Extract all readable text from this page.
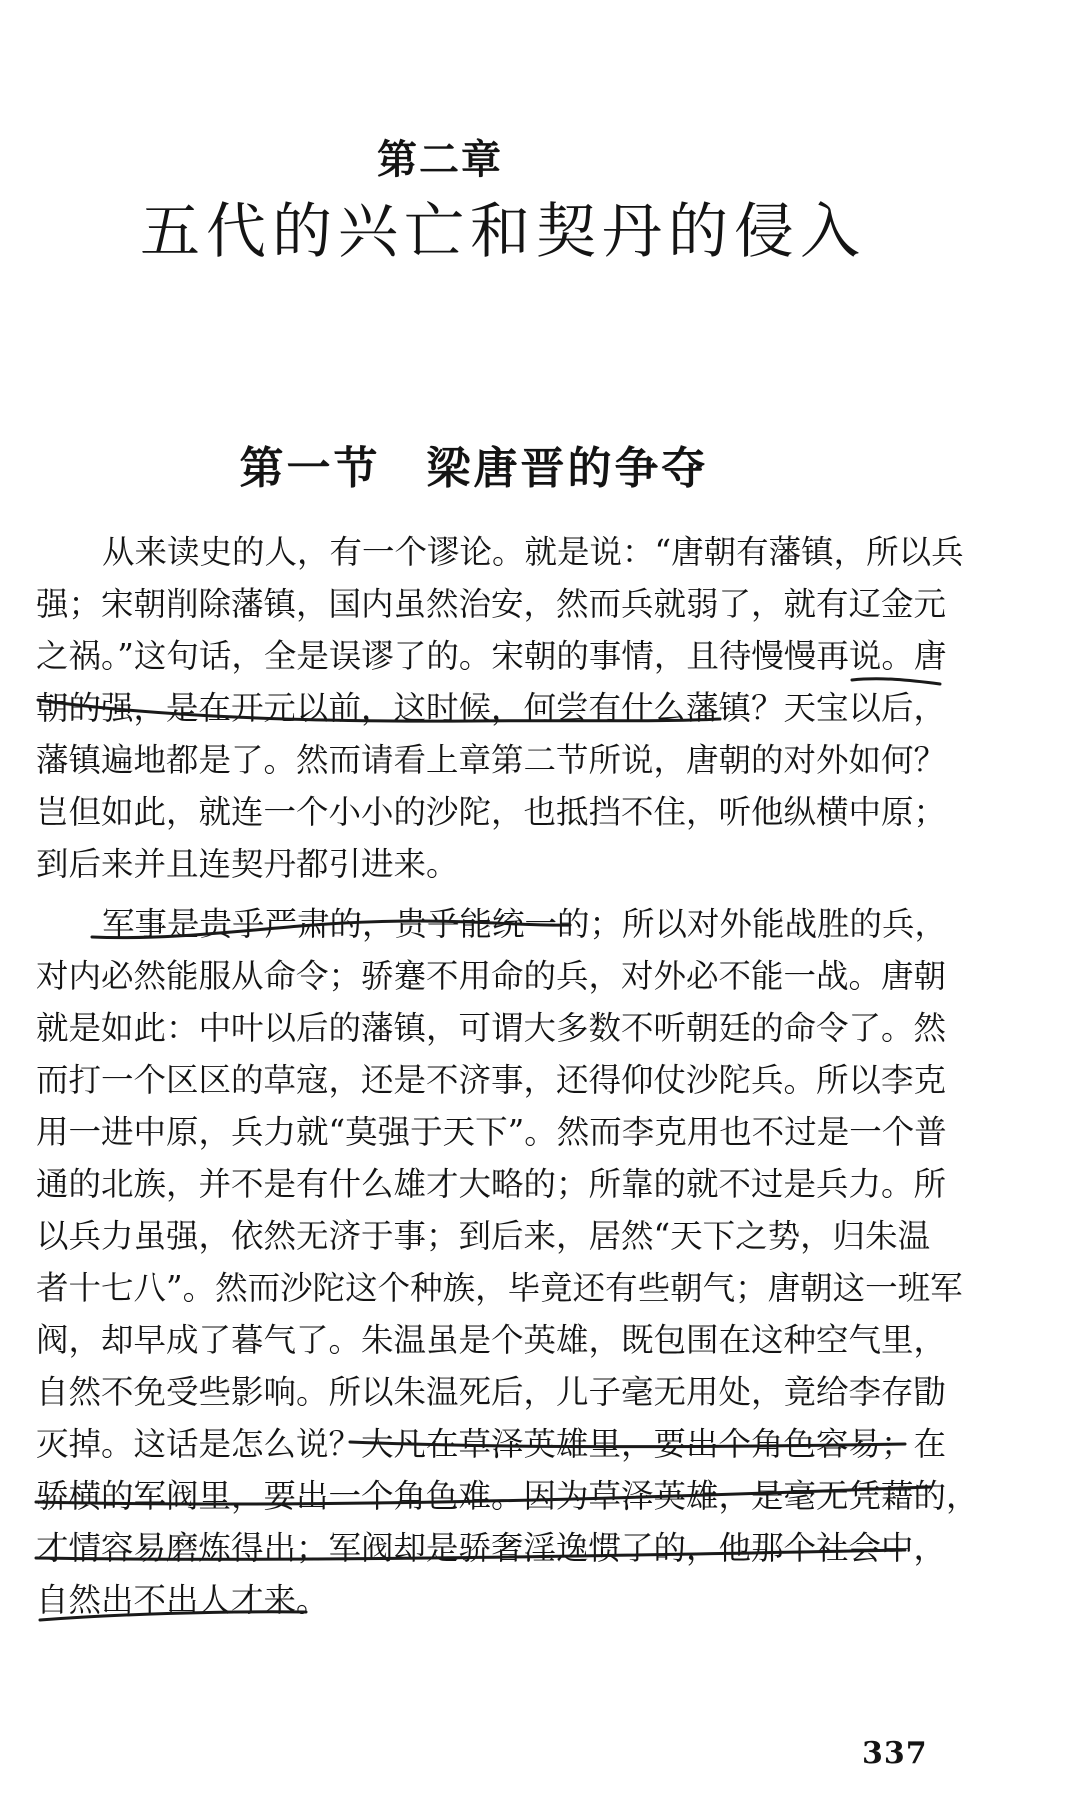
第二章
五代的兴亡和契丹的侵入
第一节 梁唐晋的争夺
从来读史的人，有一个谬论。就是说：“唐朝有藩镇，所以兵
强；宋朝削除藩镇，国内虽然治安，然而兵就弱了，就有辽金元
之祸。”这句话，全是误谬了的。宋朝的事情，且待慢慢再说。唐
朝的强，是在开元以前，这时候，何尝有什么藩镇？天宝以后，
藩镇遍地都是了。然而请看上章第二节所说，唐朝的对外如何？
岂但如此，就连一个小小的沙陀，也抵挡不住，听他纵横中原；
到后来并且连契丹都引进来。
军事是贵乎严肃的，贵乎能统一的；所以对外能战胜的兵，
对内必然能服从命令；骄蹇不用命的兵，对外必不能一战。唐朝
就是如此：中叶以后的藩镇，可谓大多数不听朝廷的命令了。然
而打一个区区的草寇，还是不济事，还得仰仗沙陀兵。所以李克
用一进中原，兵力就“莫强于天下”。然而李克用也不过是一个普
通的北族，并不是有什么雄才大略的；所靠的就不过是兵力。所
以兵力虽强，依然无济于事；到后来，居然“天下之势，归朱温
者十七八”。然而沙陀这个种族，毕竟还有些朝气；唐朝这一班军
阀，却早成了暮气了。朱温虽是个英雄，既包围在这种空气里，
自然不免受些影响。所以朱温死后，儿子毫无用处，竟给李存勖
灭掉。这话是怎么说？大凡在草泽英雄里，要出个角色容易；在
骄横的军阀里，要出一个角色难。因为草泽英雄，是毫无凭藉的，
才情容易磨炼得出；军阀却是骄奢淫逸惯了的，他那个社会中，
自然出不出人才来。
337
